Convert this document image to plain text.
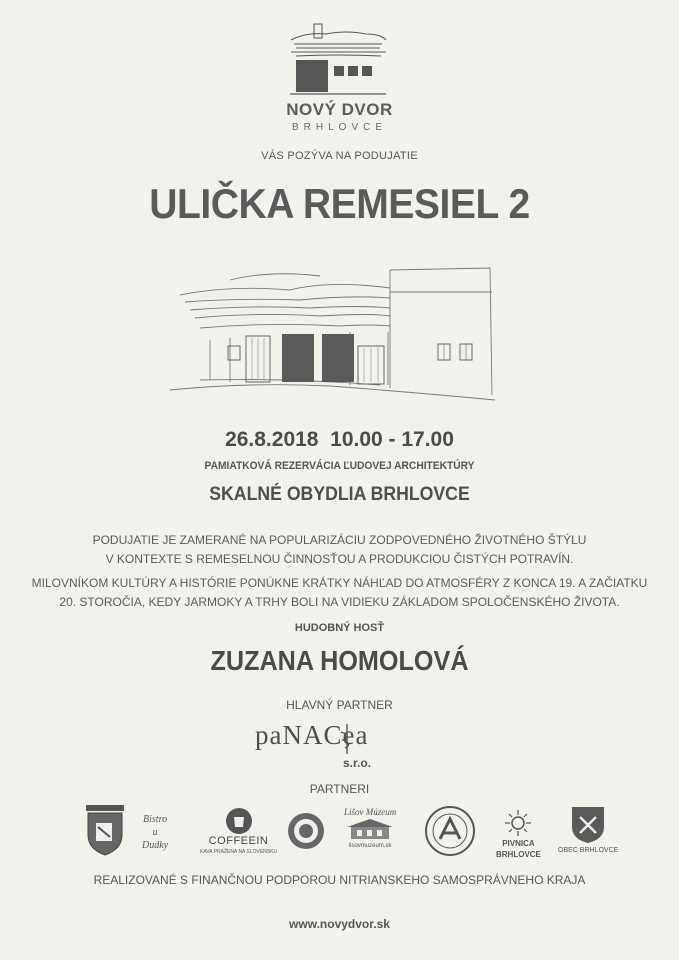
NOVÝ DVOR
BRHLOVCE
VÁS POZÝVA NA PODUJATIE
ULIČKA REMESIEL 2
26.8.2018  10.00 - 17.00
PAMIATKOVÁ REZERVÁCIA ĽUDOVEJ ARCHITEKTÚRY
SKALNÉ OBYDLIA BRHLOVCE
PODUJATIE JE ZAMERANÉ NA POPULARIZÁCIU ZODPOVEDNÉHO ŽIVOTNÉHO ŠTÝLU
V KONTEXTE S REMESELNOU ČINNOSŤOU A PRODUKCIOU ČISTÝCH POTRAVÍN.
MILOVNÍKOM KULTÚRY A HISTÓRIE PONÚKNE KRÁTKY NÁHĽAD DO ATMOSFÉRY Z KONCA 19. A ZAČIATKU
20. STOROČIA, KEDY JARMOKY A TRHY BOLI NA VIDIEKU ZÁKLADOM SPOLOČENSKÉHO ŽIVOTA.
HUDOBNÝ HOSŤ
ZUZANA HOMOLOVÁ
HLAVNÝ PARTNER
paNACea
s.r.o.
PARTNERI
Bistro
u
Dudky	COFFEEIN
KAVA PRAŽENA NA SLOVENSKU
Lišov Múzeum
lisovmuzeum.sk	PIVNICA
BRHLOVCE OBEC BRHLOVCE
REALIZOVANÉ S FINANČNOU PODPOROU NITRIANSKEHO SAMOSPRÁVNEHO KRAJA
www.novydvor.sk
